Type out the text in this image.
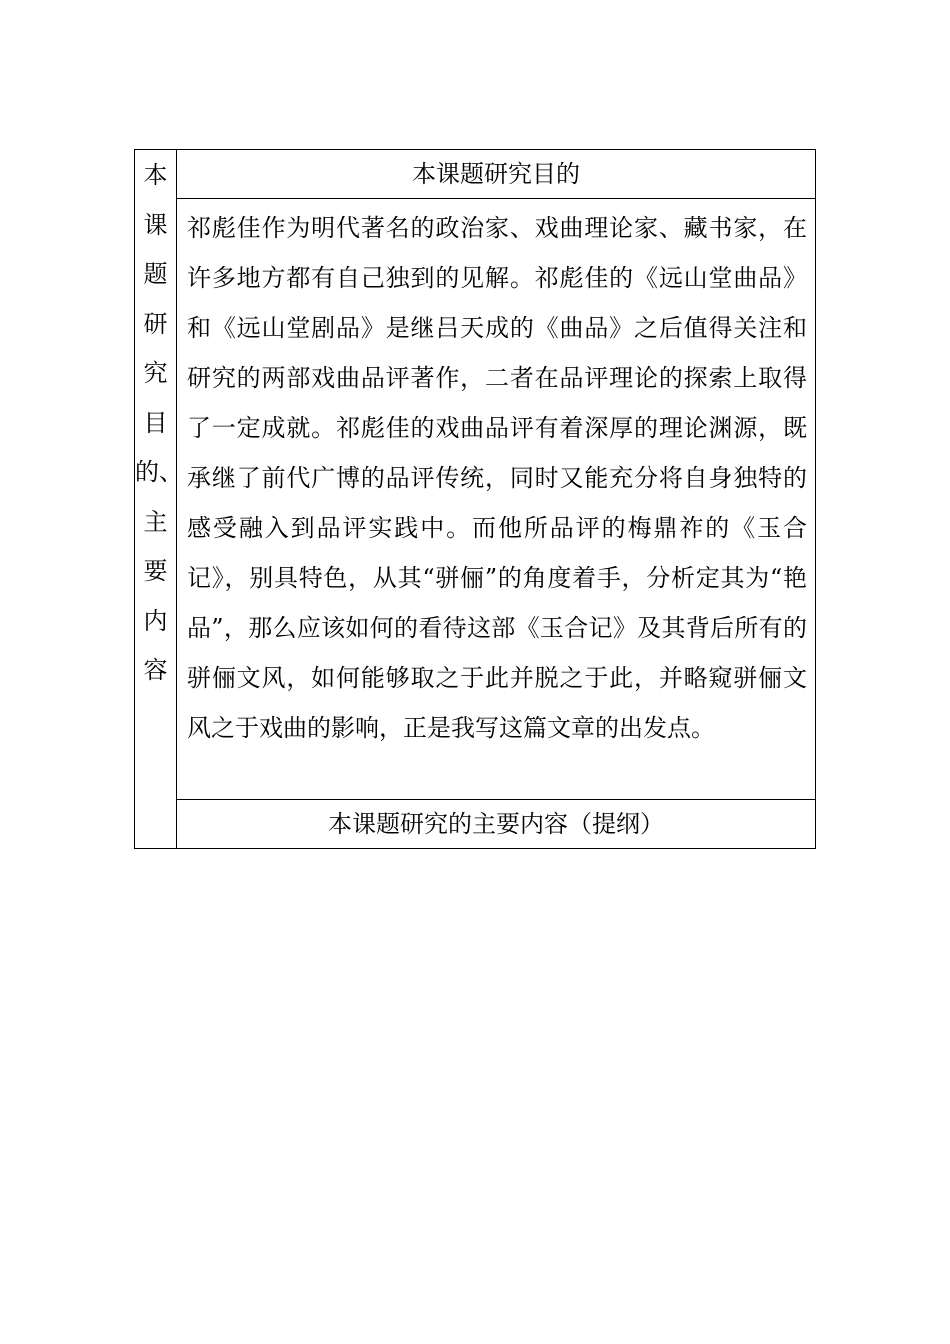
本课题研究目的、主要内容
	本课题研究目的

祁彪佳作为明代著名的政治家、戏曲理论家、藏书家，在许多地方都有自己独到的见解。祁彪佳的《远山堂曲品》和《远山堂剧品》是继吕天成的《曲品》之后值得关注和研究的两部戏曲品评著作，二者在品评理论的探索上取得了一定成就。祁彪佳的戏曲品评有着深厚的理论渊源，既承继了前代广博的品评传统，同时又能充分将自身独特的感受融入到品评实践中。而他所品评的梅鼎祚的《玉合记》，别具特色，从其“骈俪”的角度着手，分析定其为“艳品”，那么应该如何的看待这部《玉合记》及其背后所有的骈俪文风，如何能够取之于此并脱之于此，并略窥骈俪文风之于戏曲的影响，正是我写这篇文章的出发点。

本课题研究的主要内容（提纲）
